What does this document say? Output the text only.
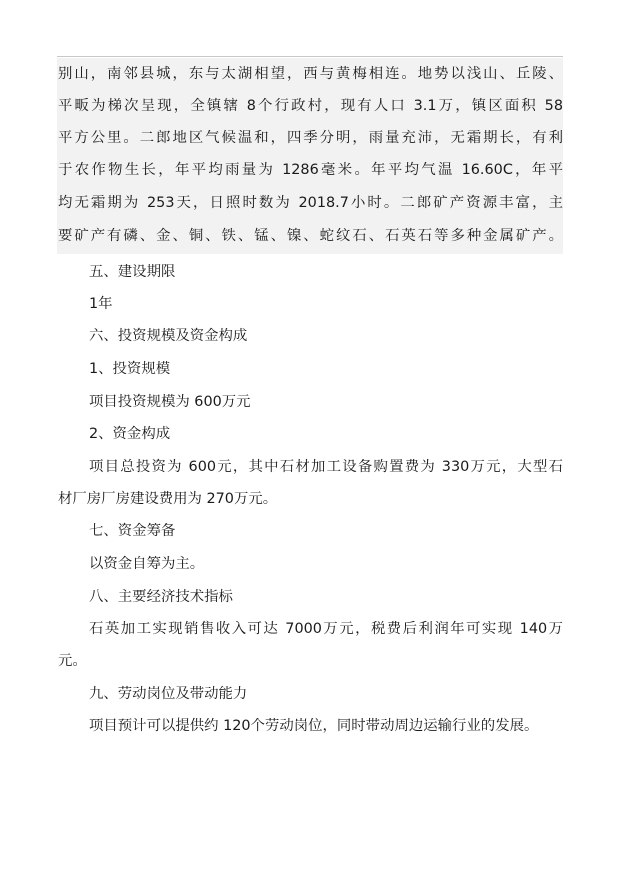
别山，南邻县城，东与太湖相望，西与黄梅相连。地势以浅山、丘陵、
平畈为梯次呈现，全镇辖 8个行政村，现有人口 3.1万，镇区面积 58
平方公里。二郎地区气候温和，四季分明，雨量充沛，无霜期长，有利
于农作物生长，年平均雨量为 1286毫米。年平均气温 16.60C，年平
均无霜期为 253天，日照时数为 2018.7小时。二郎矿产资源丰富，主
要矿产有磷、金、铜、铁、锰、镍、蛇纹石、石英石等多种金属矿产。
五、建设期限
1年
六、投资规模及资金构成
1、投资规模
项目投资规模为 600万元
2、资金构成
项目总投资为 600元，其中石材加工设备购置费为 330万元，大型石
材厂房厂房建设费用为 270万元。
七、资金筹备
以资金自筹为主。
八、主要经济技术指标
石英加工实现销售收入可达 7000万元，税费后利润年可实现 140万
元。
九、劳动岗位及带动能力
项目预计可以提供约 120个劳动岗位，同时带动周边运输行业的发展。
